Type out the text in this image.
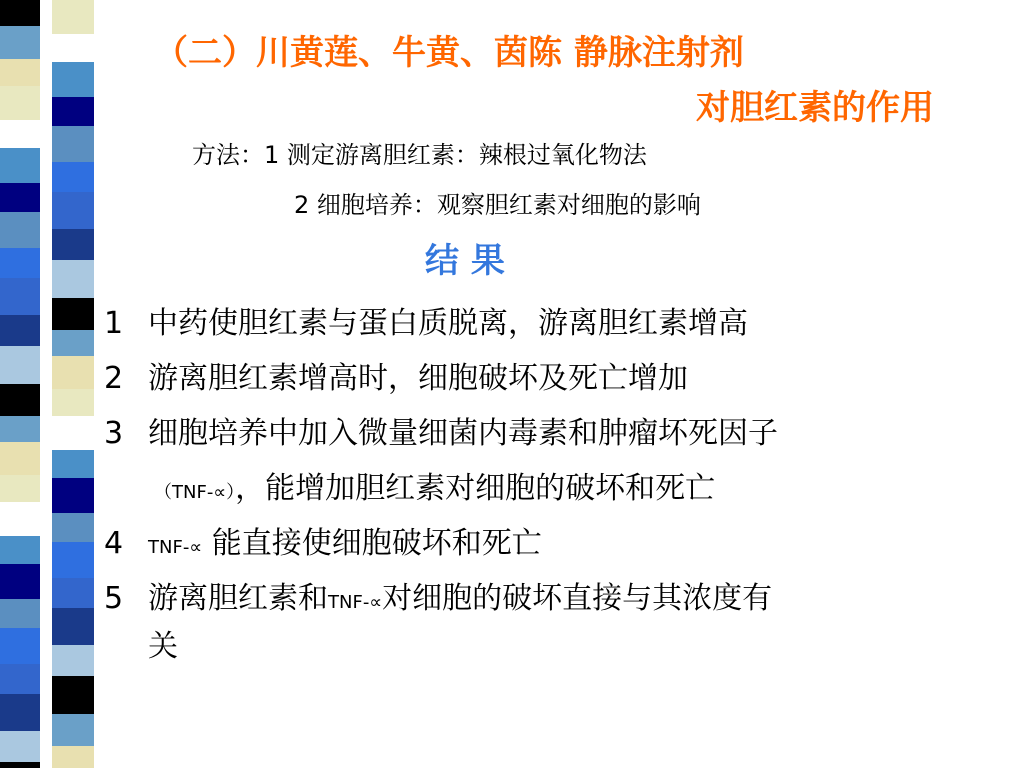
（二）川黄莲、牛黄、茵陈 静脉注射剂
对胆红素的作用
方法：1 测定游离胆红素：辣根过氧化物法
2 细胞培养：观察胆红素对细胞的影响
结 果
1 中药使胆红素与蛋白质脱离，游离胆红素增高
2 游离胆红素增高时，细胞破坏及死亡增加
3 细胞培养中加入微量细菌内毒素和肿瘤坏死因子
（TNF-∝），能增加胆红素对细胞的破坏和死亡
4 TNF-∝ 能直接使细胞破坏和死亡
5 游离胆红素和TNF-∝对细胞的破坏直接与其浓度有
关
